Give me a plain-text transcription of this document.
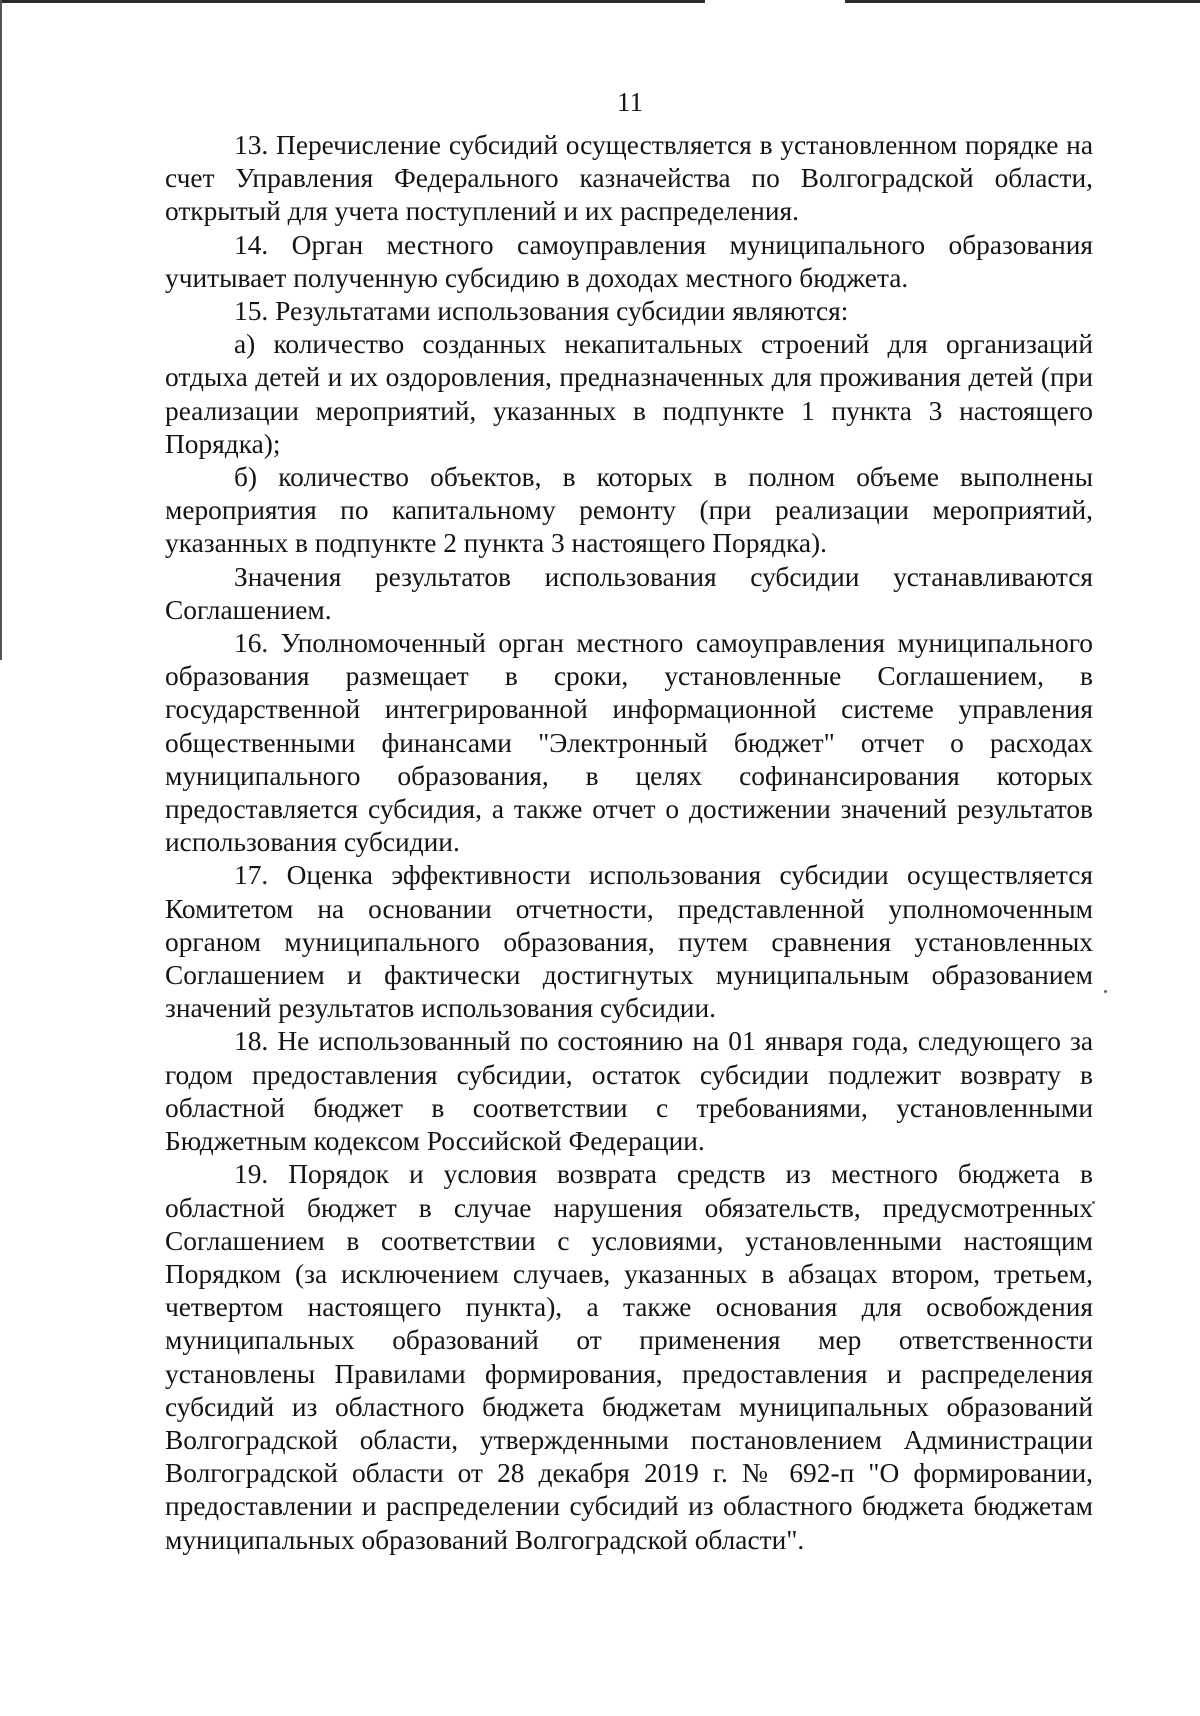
11

13. Перечисление субсидий осуществляется в установленном порядке на счет Управления Федерального казначейства по Волгоградской области, открытый для учета поступлений и их распределения.

14. Орган местного самоуправления муниципального образования учитывает полученную субсидию в доходах местного бюджета.

15. Результатами использования субсидии являются:

а) количество созданных некапитальных строений для организаций отдыха детей и их оздоровления, предназначенных для проживания детей (при реализации мероприятий, указанных в подпункте 1 пункта 3 настоящего Порядка);

б) количество объектов, в которых в полном объеме выполнены мероприятия по капитальному ремонту (при реализации мероприятий, указанных в подпункте 2 пункта 3 настоящего Порядка).

Значения результатов использования субсидии устанавливаются Соглашением.

16. Уполномоченный орган местного самоуправления муниципального образования размещает в сроки, установленные Соглашением, в государственной интегрированной информационной системе управления общественными финансами "Электронный бюджет" отчет о расходах муниципального образования, в целях софинансирования которых предоставляется субсидия, а также отчет о достижении значений результатов использования субсидии.

17. Оценка эффективности использования субсидии осуществляется Комитетом на основании отчетности, представленной уполномоченным органом муниципального образования, путем сравнения установленных Соглашением и фактически достигнутых муниципальным образованием значений результатов использования субсидии.

18. Не использованный по состоянию на 01 января года, следующего за годом предоставления субсидии, остаток субсидии подлежит возврату в областной бюджет в соответствии с требованиями, установленными Бюджетным кодексом Российской Федерации.

19. Порядок и условия возврата средств из местного бюджета в областной бюджет в случае нарушения обязательств, предусмотренных Соглашением в соответствии с условиями, установленными настоящим Порядком (за исключением случаев, указанных в абзацах втором, третьем, четвертом настоящего пункта), а также основания для освобождения муниципальных образований от применения мер ответственности установлены Правилами формирования, предоставления и распределения субсидий из областного бюджета бюджетам муниципальных образований Волгоградской области, утвержденными постановлением Администрации Волгоградской области от 28 декабря 2019 г. № 692-п "О формировании, предоставлении и распределении субсидий из областного бюджета бюджетам муниципальных образований Волгоградской области".
